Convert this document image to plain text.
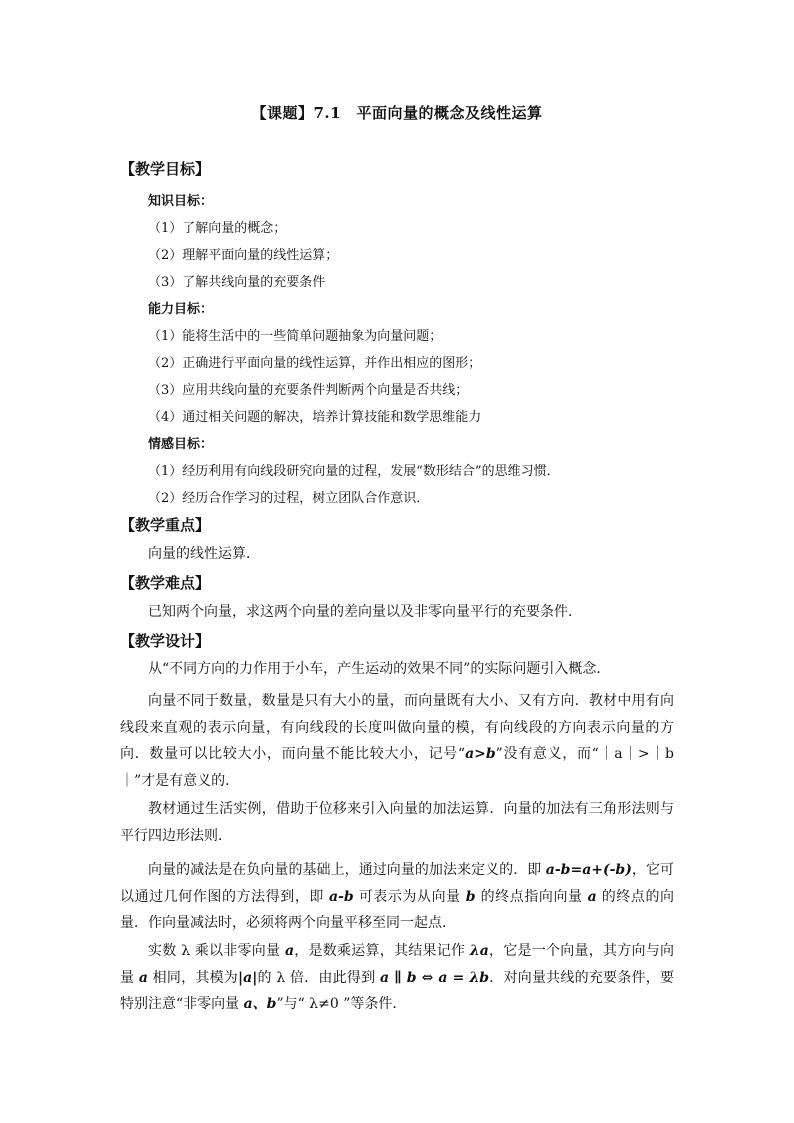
【课题】7.1　平面向量的概念及线性运算
【教学目标】
知识目标：
（1）了解向量的概念；
（2）理解平面向量的线性运算；
（3）了解共线向量的充要条件
能力目标：
（1）能将生活中的一些简单问题抽象为向量问题；
（2）正确进行平面向量的线性运算，并作出相应的图形；
（3）应用共线向量的充要条件判断两个向量是否共线；
（4）通过相关问题的解决，培养计算技能和数学思维能力
情感目标：
（1）经历利用有向线段研究向量的过程，发展“数形结合”的思维习惯．
（2）经历合作学习的过程，树立团队合作意识．
【教学重点】
向量的线性运算．
【教学难点】
已知两个向量，求这两个向量的差向量以及非零向量平行的充要条件．
【教学设计】
从“不同方向的力作用于小车，产生运动的效果不同”的实际问题引入概念．
向量不同于数量，数量是只有大小的量，而向量既有大小、又有方向．教材中用有向线段来直观的表示向量，有向线段的长度叫做向量的模，有向线段的方向表示向量的方向．数量可以比较大小，而向量不能比较大小，记号“a>b”没有意义，而“｜a｜>｜b｜”才是有意义的．
教材通过生活实例，借助于位移来引入向量的加法运算．向量的加法有三角形法则与平行四边形法则．
向量的减法是在负向量的基础上，通过向量的加法来定义的．即 a-b=a+(-b)，它可以通过几何作图的方法得到，即 a-b 可表示为从向量 b 的终点指向向量 a 的终点的向量．作向量减法时，必须将两个向量平移至同一起点．
实数 λ 乘以非零向量 a，是数乘运算，其结果记作 λa，它是一个向量，其方向与向量 a 相同，其模为|a|的 λ 倍．由此得到 a ∥ b ⇔ a = λb．对向量共线的充要条件，要特别注意“非零向量 a、b”与“ λ≠0 ”等条件．
